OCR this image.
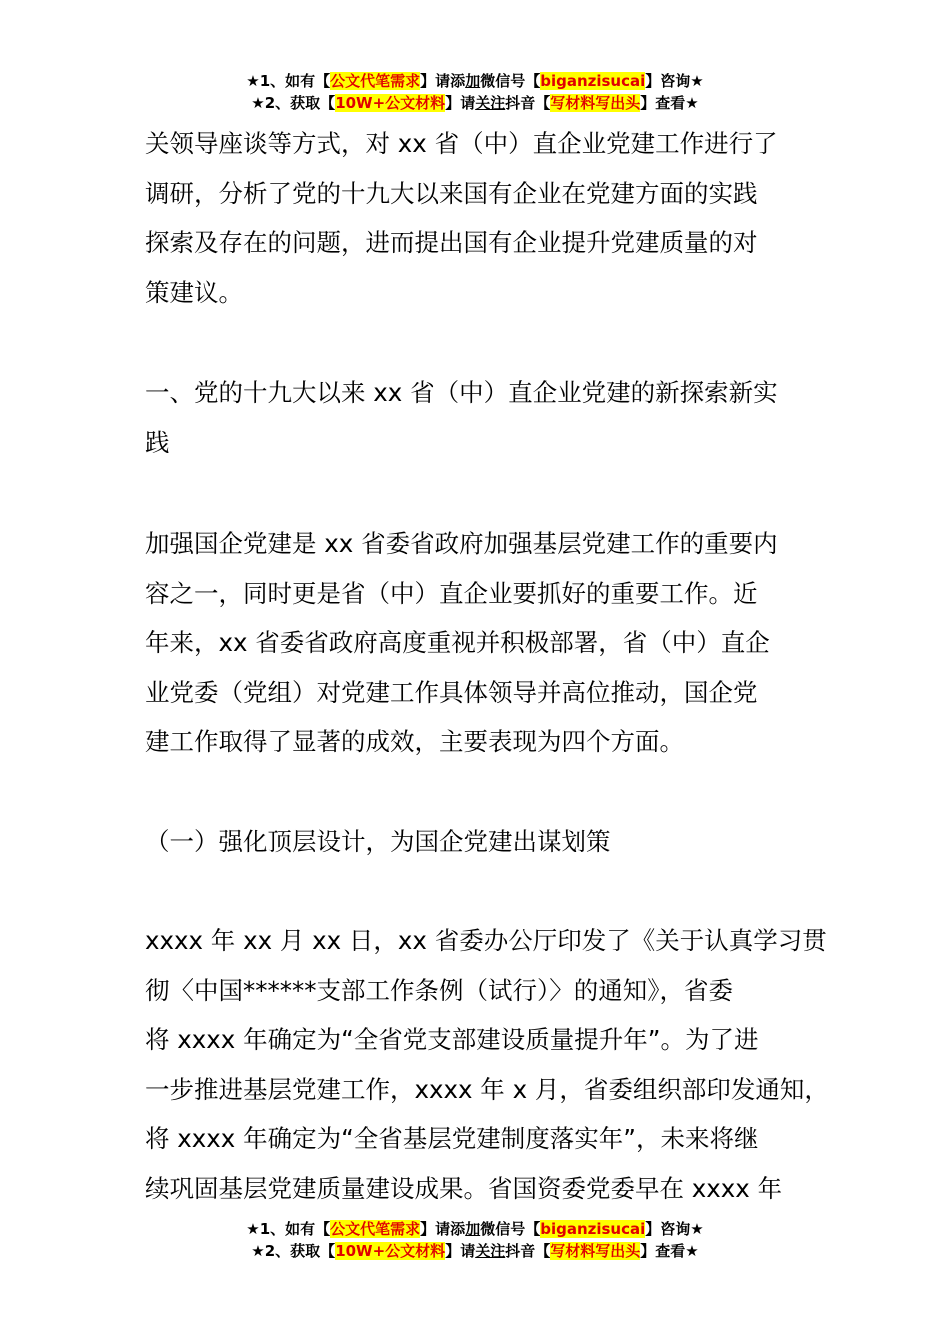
★1、如有【公文代笔需求】请添加微信号【biganzisucai】咨询★
★2、获取【10W+公文材料】请关注抖音【写材料写出头】查看★
关领导座谈等方式，对 xx 省（中）直企业党建工作进行了
调研，分析了党的十九大以来国有企业在党建方面的实践
探索及存在的问题，进而提出国有企业提升党建质量的对
策建议。
一、党的十九大以来 xx 省（中）直企业党建的新探索新实
践
加强国企党建是 xx 省委省政府加强基层党建工作的重要内
容之一，同时更是省（中）直企业要抓好的重要工作。近
年来，xx 省委省政府高度重视并积极部署，省（中）直企
业党委（党组）对党建工作具体领导并高位推动，国企党
建工作取得了显著的成效，主要表现为四个方面。
（一）强化顶层设计，为国企党建出谋划策
xxxx 年 xx 月 xx 日，xx 省委办公厅印发了《关于认真学习贯
彻〈中国******支部工作条例（试行）〉的通知》，省委
将 xxxx 年确定为“全省党支部建设质量提升年”。为了进
一步推进基层党建工作，xxxx 年 x 月，省委组织部印发通知，
将 xxxx 年确定为“全省基层党建制度落实年”，未来将继
续巩固基层党建质量建设成果。省国资委党委早在 xxxx 年
★1、如有【公文代笔需求】请添加微信号【biganzisucai】咨询★
★2、获取【10W+公文材料】请关注抖音【写材料写出头】查看★
